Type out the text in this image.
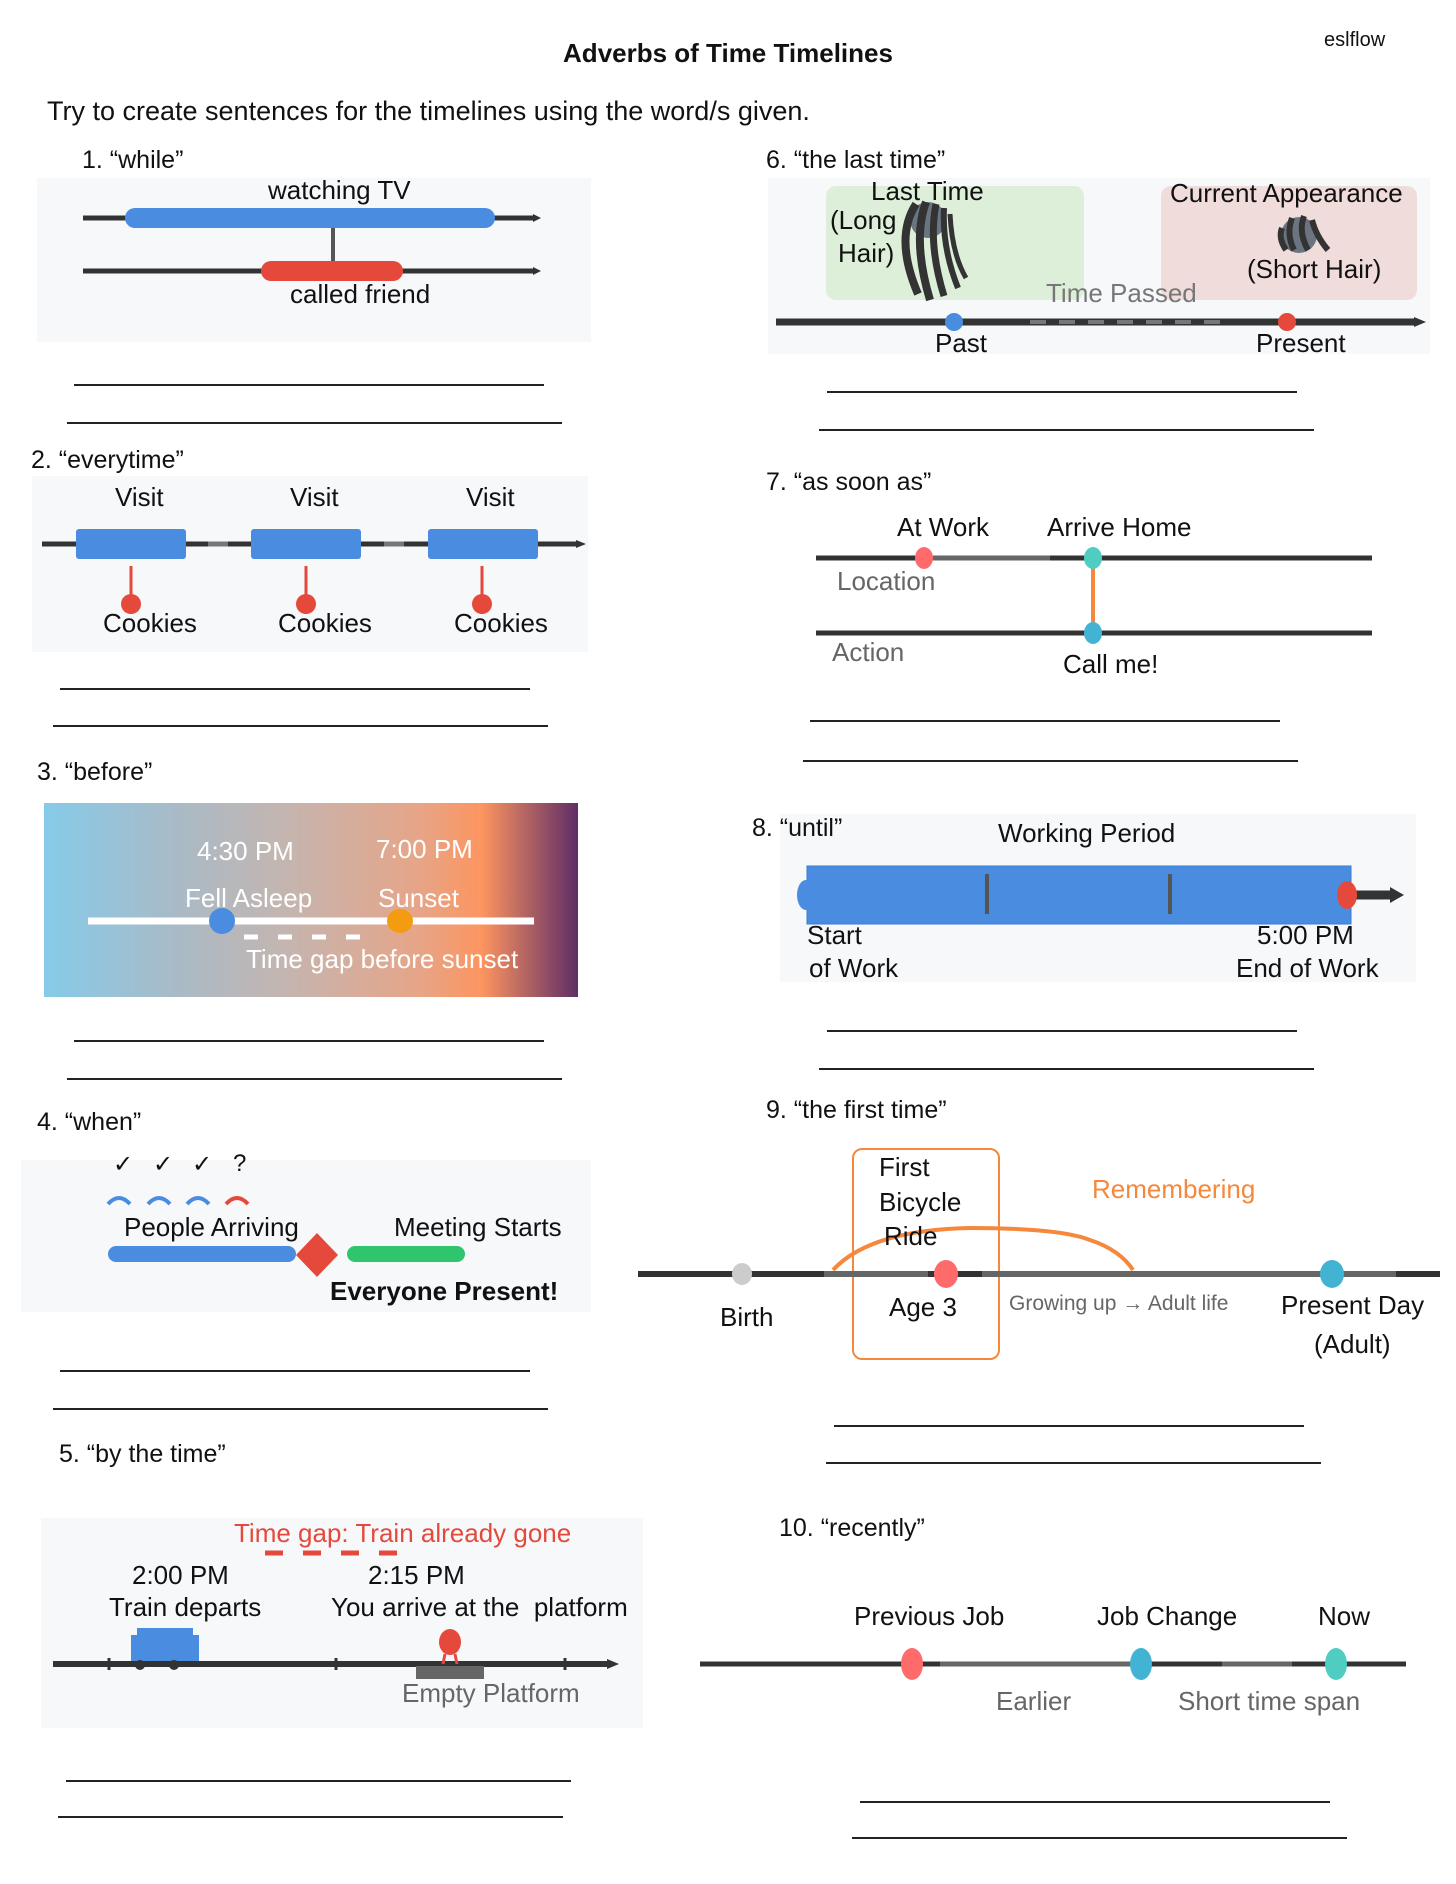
Adverbs of Time Timelines	eslflow
Try to create sentences for the timelines using the word/s given.
1. “while”
watching TV
called friend
2. “everytime”
Visit	Visit	Visit
Cookies	Cookies	Cookies
3. “before”
4:30 PM	7:00 PM
Fell Asleep	Sunset
Time gap before sunset
4. “when”
✓ ✓ ✓ ?
People Arriving	Meeting Starts
Everyone Present!
5. “by the time”
Time gap: Train already gone
2:00 PM
Train departs
2:15 PM
You arrive at the  platform
Empty Platform
6. “the last time”
Last Time
(Long
Hair)
Current Appearance
(Short Hair)
Time Passed
Past	Present
7. “as soon as”
At Work Arrive Home
Location
Action	Call me!
8. “until”	Working Period
Start
of Work
5:00 PM
End of Work
9. “the first time”
First
Bicycle
Ride
Remembering
Birth	Age 3 Growing up → Adult life Present Day
(Adult)
10. “recently”
Previous Job	Job Change	Now
Earlier	Short time span
